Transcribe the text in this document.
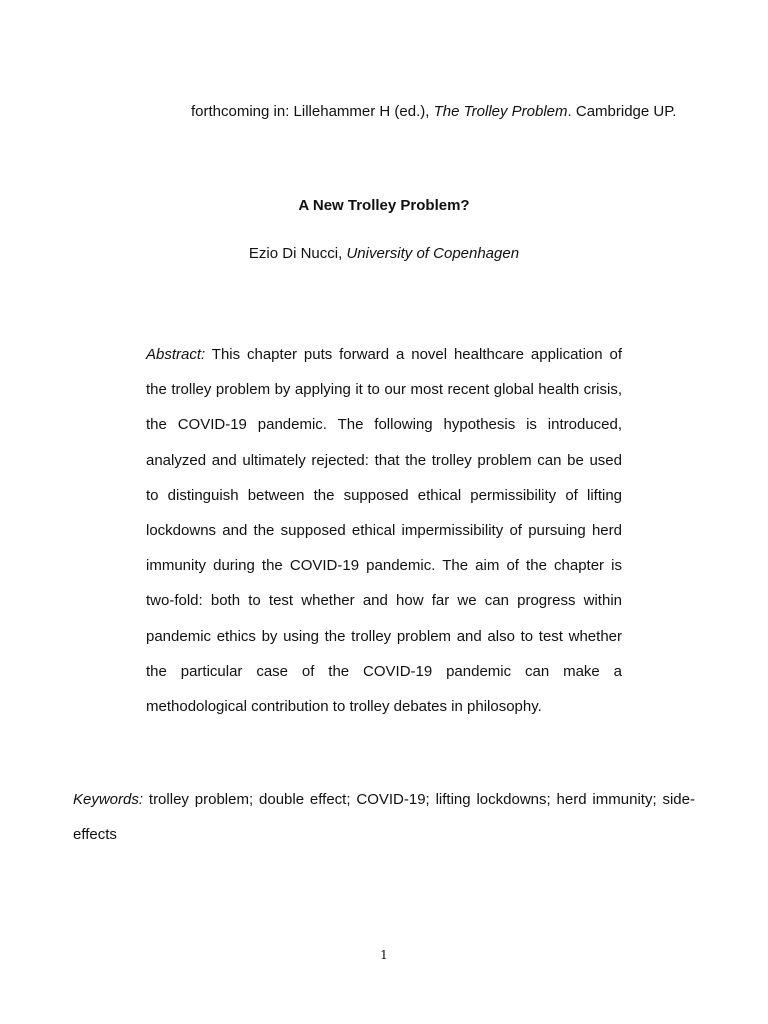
forthcoming in: Lillehammer H (ed.), The Trolley Problem. Cambridge UP.
A New Trolley Problem?
Ezio Di Nucci, University of Copenhagen
Abstract: This chapter puts forward a novel healthcare application of
the trolley problem by applying it to our most recent global health crisis,
the COVID-19 pandemic. The following hypothesis is introduced,
analyzed and ultimately rejected: that the trolley problem can be used
to distinguish between the supposed ethical permissibility of lifting
lockdowns and the supposed ethical impermissibility of pursuing herd
immunity during the COVID-19 pandemic. The aim of the chapter is
two-fold: both to test whether and how far we can progress within
pandemic ethics by using the trolley problem and also to test whether
the particular case of the COVID-19 pandemic can make a
methodological contribution to trolley debates in philosophy.
Keywords: trolley problem; double effect; COVID-19; lifting lockdowns; herd immunity; side-
effects
1
